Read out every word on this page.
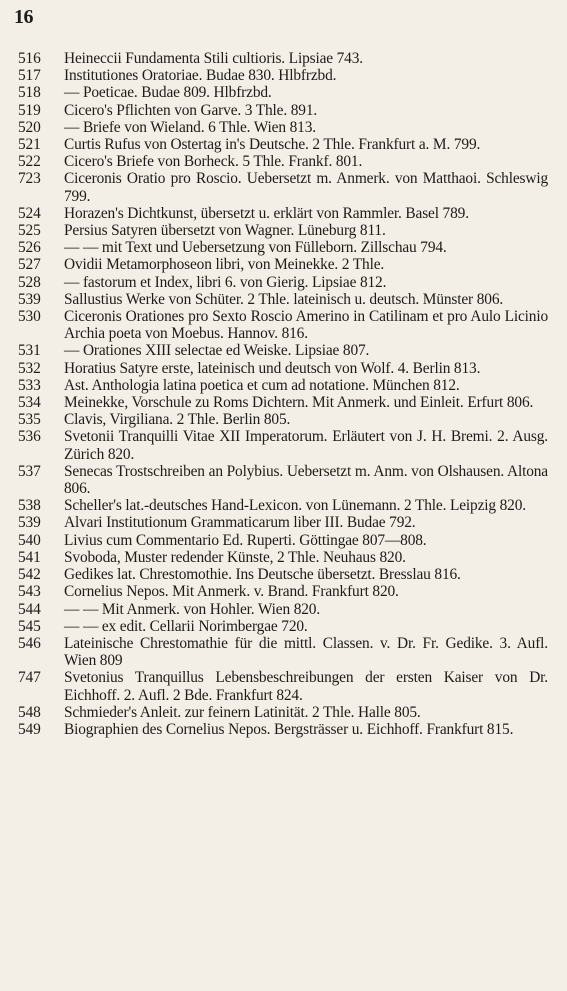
16
516	Heineccii Fundamenta Stili cultioris. Lipsiae 743.
517	Institutiones Oratoriae. Budae 830. Hlbfrzbd.
518	— Poeticae. Budae 809. Hlbfrzbd.
519	Cicero's Pflichten von Garve. 3 Thle. 891.
520	— Briefe von Wieland. 6 Thle. Wien 813.
521	Curtis Rufus von Ostertag in's Deutsche. 2 Thle. Frankfurt a. M. 799.
522	Cicero's Briefe von Borheck. 5 Thle. Frankf. 801.
723	Ciceronis Oratio pro Roscio. Uebersetzt m. Anmerk. von Matthaoi. Schleswig 799.
524	Horazen's Dichtkunst, übersetzt u. erklärt von Rammler. Basel 789.
525	Persius Satyren übersetzt von Wagner. Lüneburg 811.
526	— — mit Text und Uebersetzung von Fülleborn. Zillschau 794.
527	Ovidii Metamorphoseon libri, von Meinekke. 2 Thle.
528	— fastorum et Index, libri 6. von Gierig. Lipsiae 812.
539	Sallustius Werke von Schüter. 2 Thle. lateinisch u. deutsch. Münster 806.
530	Ciceronis Orationes pro Sexto Roscio Amerino in Catilinam et pro Aulo Licinio Archia poeta von Moebus. Hannov. 816.
531	— Orationes XIII selectae ed Weiske. Lipsiae 807.
532	Horatius Satyre erste, lateinisch und deutsch von Wolf. 4. Berlin 813.
533	Ast. Anthologia latina poetica et cum ad notatione. München 812.
534	Meinekke, Vorschule zu Roms Dichtern. Mit Anmerk. und Einleit. Erfurt 806.
535	Clavis, Virgiliana. 2 Thle. Berlin 805.
536	Svetonii Tranquilli Vitae XII Imperatorum. Erläutert von J. H. Bremi. 2. Ausg. Zürich 820.
537	Senecas Trostschreiben an Polybius. Uebersetzt m. Anm. von Olshausen. Altona 806.
538	Scheller's lat.-deutsches Hand-Lexicon. von Lünemann. 2 Thle. Leipzig 820.
539	Alvari Institutionum Grammaticarum liber III. Budae 792.
540	Livius cum Commentario Ed. Ruperti. Göttingae 807—808.
541	Svoboda, Muster redender Künste, 2 Thle. Neuhaus 820.
542	Gedikes lat. Chrestomothie. Ins Deutsche übersetzt. Bresslau 816.
543	Cornelius Nepos. Mit Anmerk. v. Brand. Frankfurt 820.
544	— — Mit Anmerk. von Hohler. Wien 820.
545	— — ex edit. Cellarii Norimbergae 720.
546	Lateinische Chrestomathie für die mittl. Classen. v. Dr. Fr. Gedike. 3. Aufl. Wien 809
747	Svetonius Tranquillus Lebensbeschreibungen der ersten Kaiser von Dr. Eichhoff. 2. Aufl. 2 Bde. Frankfurt 824.
548	Schmieder's Anleit. zur feinern Latinität. 2 Thle. Halle 805.
549	Biographien des Cornelius Nepos. Bergsträsser u. Eichhoff. Frankfurt 815.
